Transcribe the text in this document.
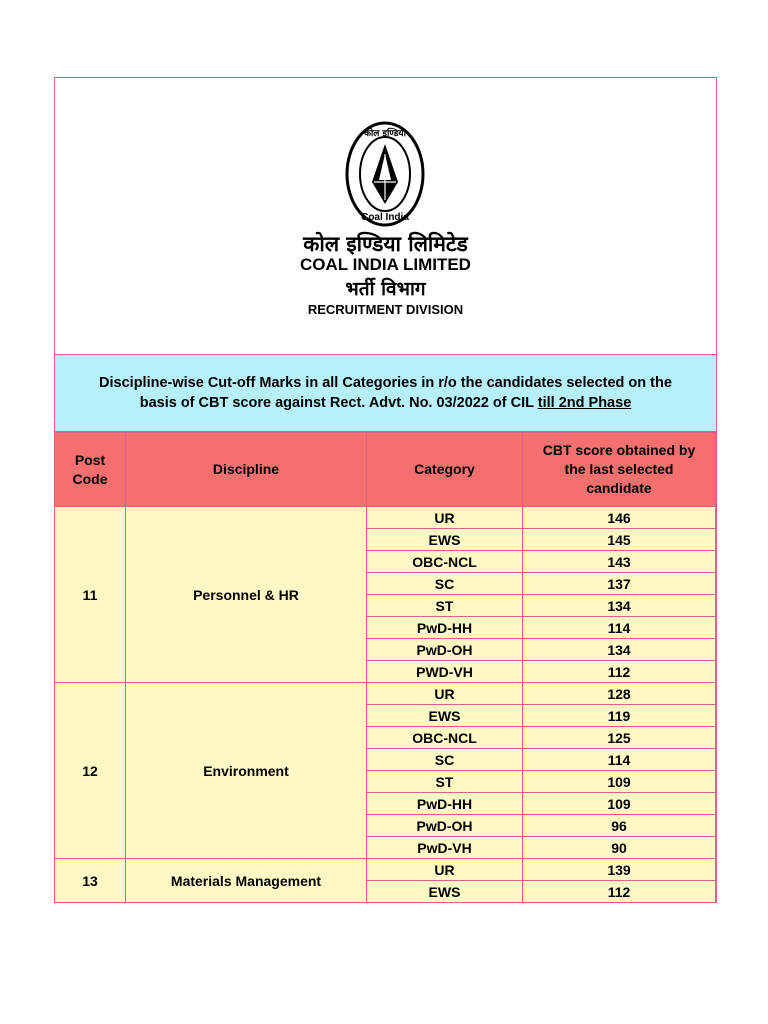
कोल इण्डिया
Coal India
कोल इण्डिया लिमिटेड
COAL INDIA LIMITED
भर्ती विभाग
RECRUITMENT DIVISION
Discipline-wise Cut-off Marks in all Categories in r/o the candidates selected on the
basis of CBT score against Rect. Advt. No. 03/2022 of CIL till 2nd Phase
Post Code	Discipline	Category	CBT score obtained by the last selected candidate
11	Personnel & HR	UR	146
		EWS	145
		OBC-NCL	143
		SC	137
		ST	134
		PwD-HH	114
		PwD-OH	134
		PWD-VH	112
12	Environment	UR	128
		EWS	119
		OBC-NCL	125
		SC	114
		ST	109
		PwD-HH	109
		PwD-OH	96
		PwD-VH	90
13	Materials Management	UR	139
		EWS	112
